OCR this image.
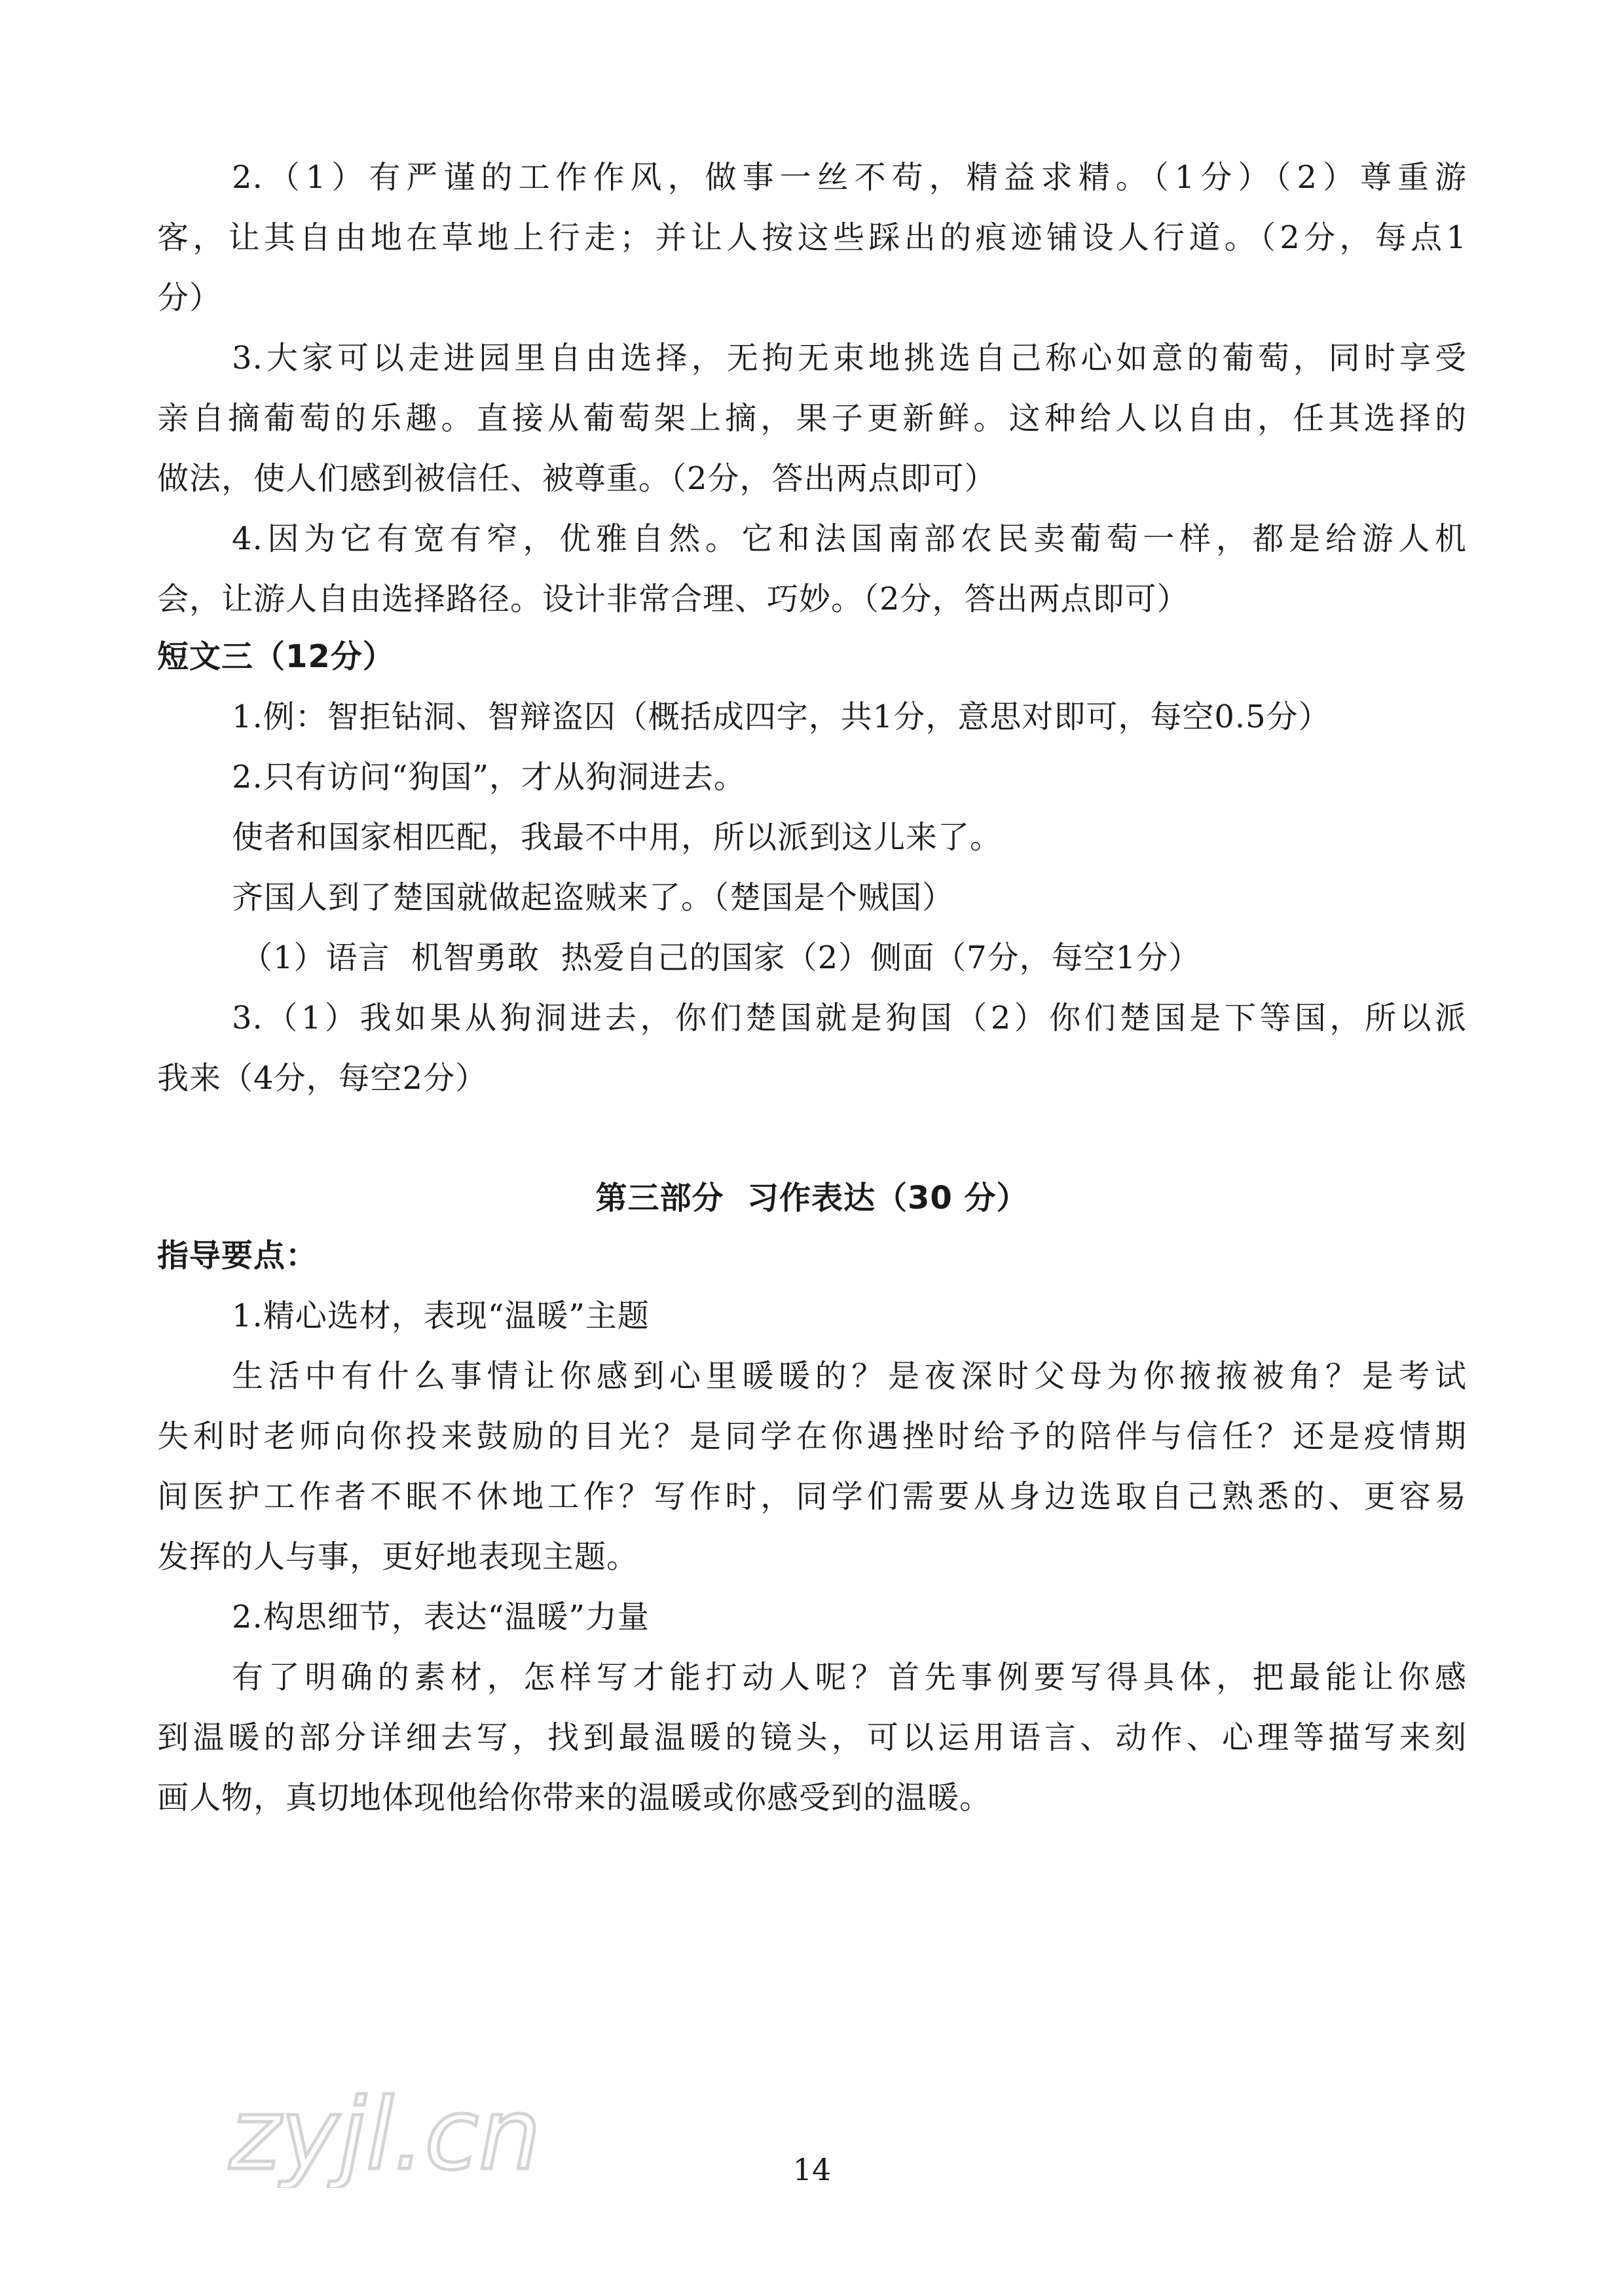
2.（1）有严谨的工作作风，做事一丝不苟，精益求精。（1分）（2）尊重游
客，让其自由地在草地上行走；并让人按这些踩出的痕迹铺设人行道。（2分，每点1
分）
3.大家可以走进园里自由选择，无拘无束地挑选自己称心如意的葡萄，同时享受
亲自摘葡萄的乐趣。直接从葡萄架上摘，果子更新鲜。这种给人以自由，任其选择的
做法，使人们感到被信任、被尊重。（2分，答出两点即可）
4.因为它有宽有窄，优雅自然。它和法国南部农民卖葡萄一样，都是给游人机
会，让游人自由选择路径。设计非常合理、巧妙。（2分，答出两点即可）
短文三（12分）
1.例：智拒钻洞、智辩盗囚（概括成四字，共1分，意思对即可，每空0.5分）
2.只有访问“狗国”，才从狗洞进去。
使者和国家相匹配，我最不中用，所以派到这儿来了。
齐国人到了楚国就做起盗贼来了。（楚国是个贼国）
（1）语言  机智勇敢  热爱自己的国家（2）侧面（7分，每空1分）
3.（1）我如果从狗洞进去，你们楚国就是狗国（2）你们楚国是下等国，所以派
我来（4分，每空2分）
第三部分  习作表达（30 分）
指导要点：
1.精心选材，表现“温暖”主题
生活中有什么事情让你感到心里暖暖的？是夜深时父母为你掖掖被角？是考试
失利时老师向你投来鼓励的目光？是同学在你遇挫时给予的陪伴与信任？还是疫情期
间医护工作者不眠不休地工作？写作时，同学们需要从身边选取自己熟悉的、更容易
发挥的人与事，更好地表现主题。
2.构思细节，表达“温暖”力量
有了明确的素材，怎样写才能打动人呢？首先事例要写得具体，把最能让你感
到温暖的部分详细去写，找到最温暖的镜头，可以运用语言、动作、心理等描写来刻
画人物，真切地体现他给你带来的温暖或你感受到的温暖。
zyjl.cn	14
